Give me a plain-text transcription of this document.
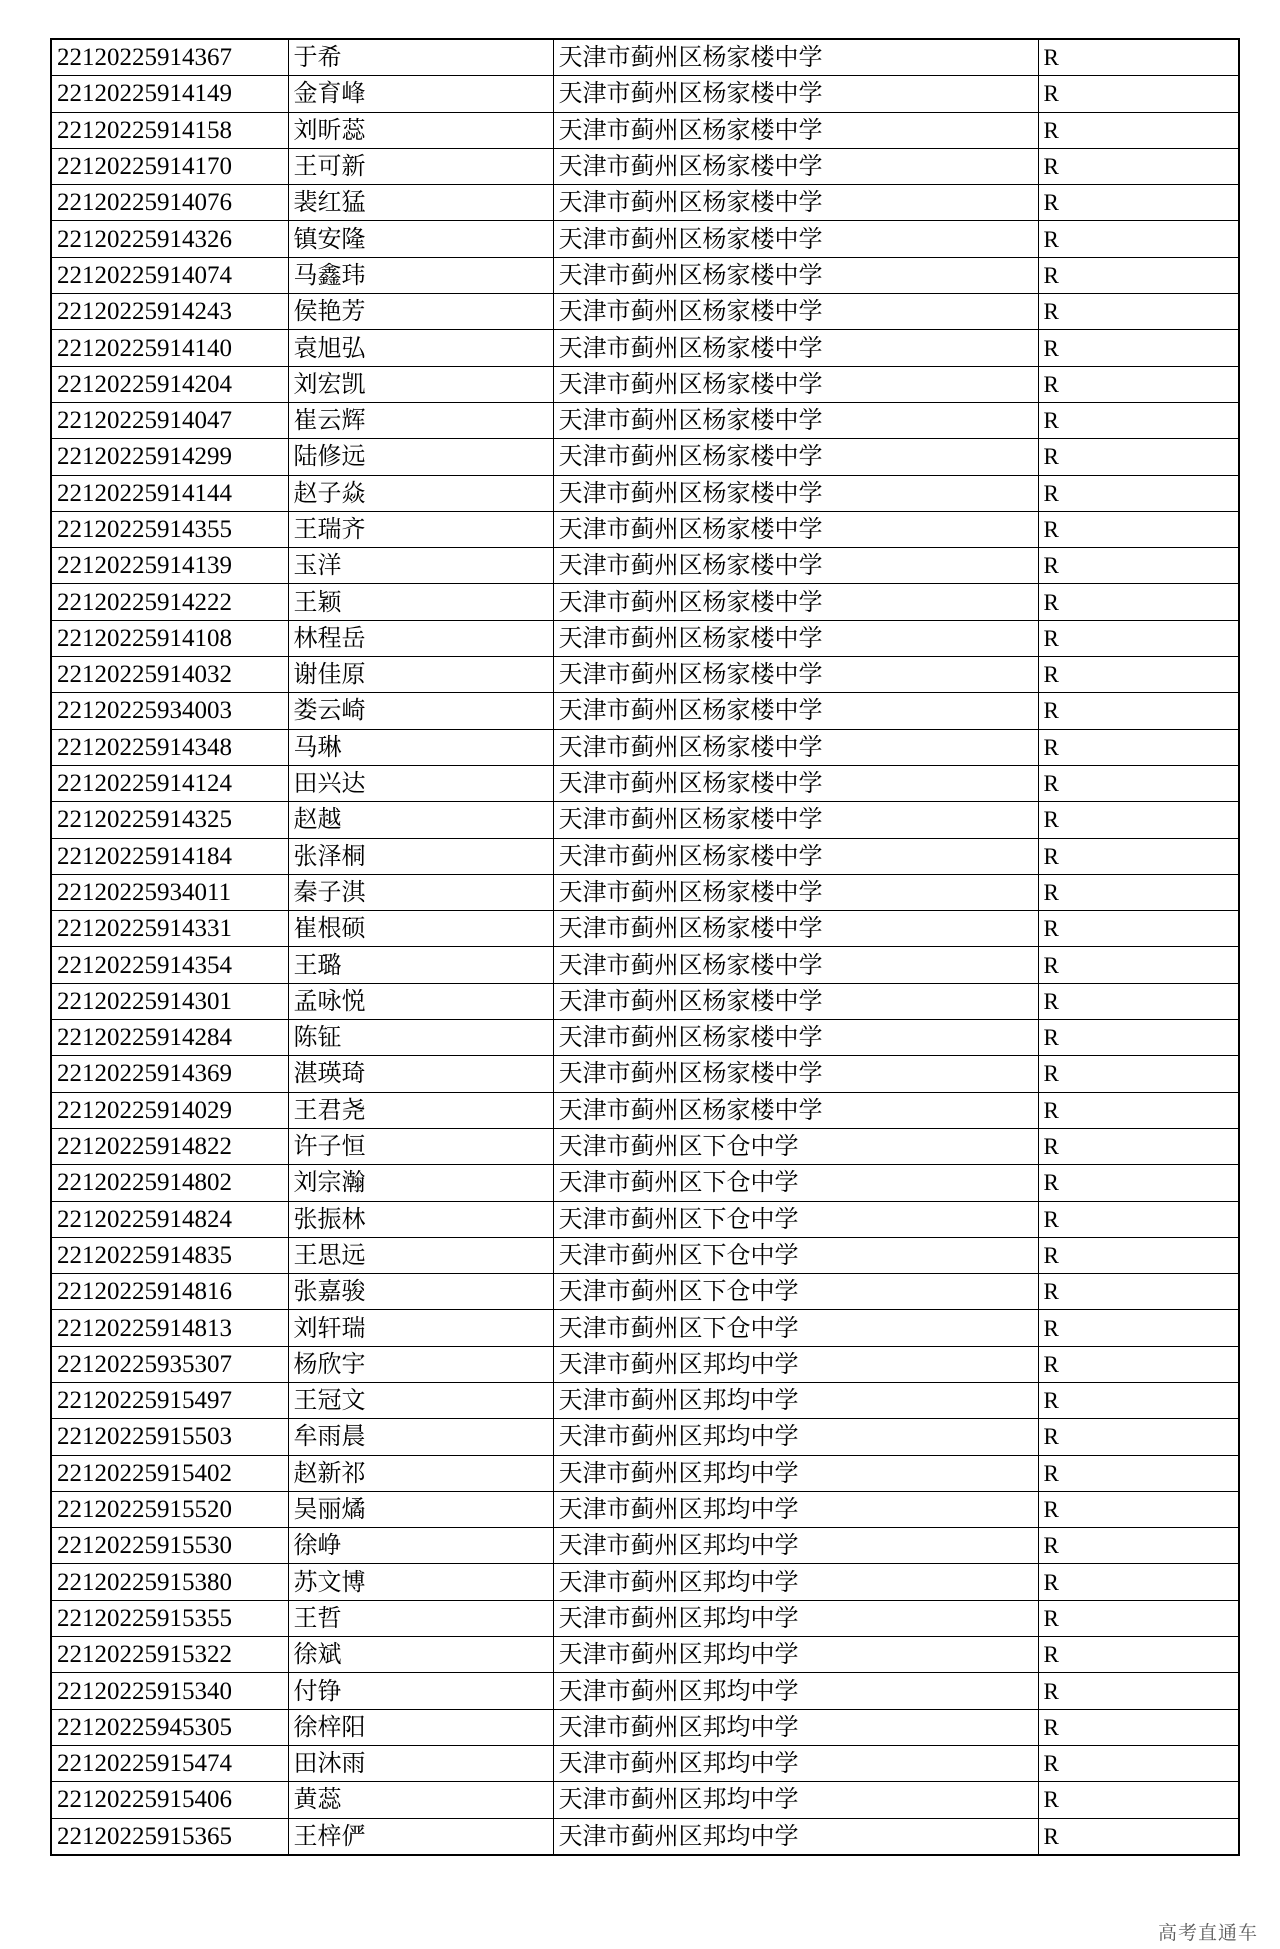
22120225914367	于希	天津市蓟州区杨家楼中学	R
22120225914149	金育峰	天津市蓟州区杨家楼中学	R
22120225914158	刘昕蕊	天津市蓟州区杨家楼中学	R
22120225914170	王可新	天津市蓟州区杨家楼中学	R
22120225914076	裴红猛	天津市蓟州区杨家楼中学	R
22120225914326	镇安隆	天津市蓟州区杨家楼中学	R
22120225914074	马鑫玮	天津市蓟州区杨家楼中学	R
22120225914243	侯艳芳	天津市蓟州区杨家楼中学	R
22120225914140	袁旭弘	天津市蓟州区杨家楼中学	R
22120225914204	刘宏凯	天津市蓟州区杨家楼中学	R
22120225914047	崔云辉	天津市蓟州区杨家楼中学	R
22120225914299	陆修远	天津市蓟州区杨家楼中学	R
22120225914144	赵子焱	天津市蓟州区杨家楼中学	R
22120225914355	王瑞齐	天津市蓟州区杨家楼中学	R
22120225914139	玉洋	天津市蓟州区杨家楼中学	R
22120225914222	王颖	天津市蓟州区杨家楼中学	R
22120225914108	林程岳	天津市蓟州区杨家楼中学	R
22120225914032	谢佳原	天津市蓟州区杨家楼中学	R
22120225934003	娄云崎	天津市蓟州区杨家楼中学	R
22120225914348	马琳	天津市蓟州区杨家楼中学	R
22120225914124	田兴达	天津市蓟州区杨家楼中学	R
22120225914325	赵越	天津市蓟州区杨家楼中学	R
22120225914184	张泽桐	天津市蓟州区杨家楼中学	R
22120225934011	秦子淇	天津市蓟州区杨家楼中学	R
22120225914331	崔根硕	天津市蓟州区杨家楼中学	R
22120225914354	王璐	天津市蓟州区杨家楼中学	R
22120225914301	孟咏悦	天津市蓟州区杨家楼中学	R
22120225914284	陈钲	天津市蓟州区杨家楼中学	R
22120225914369	湛瑛琦	天津市蓟州区杨家楼中学	R
22120225914029	王君尧	天津市蓟州区杨家楼中学	R
22120225914822	许子恒	天津市蓟州区下仓中学	R
22120225914802	刘宗瀚	天津市蓟州区下仓中学	R
22120225914824	张振林	天津市蓟州区下仓中学	R
22120225914835	王思远	天津市蓟州区下仓中学	R
22120225914816	张嘉骏	天津市蓟州区下仓中学	R
22120225914813	刘轩瑞	天津市蓟州区下仓中学	R
22120225935307	杨欣宇	天津市蓟州区邦均中学	R
22120225915497	王冠文	天津市蓟州区邦均中学	R
22120225915503	牟雨晨	天津市蓟州区邦均中学	R
22120225915402	赵新祁	天津市蓟州区邦均中学	R
22120225915520	吴丽燏	天津市蓟州区邦均中学	R
22120225915530	徐峥	天津市蓟州区邦均中学	R
22120225915380	苏文博	天津市蓟州区邦均中学	R
22120225915355	王哲	天津市蓟州区邦均中学	R
22120225915322	徐斌	天津市蓟州区邦均中学	R
22120225915340	付铮	天津市蓟州区邦均中学	R
22120225945305	徐梓阳	天津市蓟州区邦均中学	R
22120225915474	田沐雨	天津市蓟州区邦均中学	R
22120225915406	黄蕊	天津市蓟州区邦均中学	R
22120225915365	王梓俨	天津市蓟州区邦均中学	R
高考直通车
